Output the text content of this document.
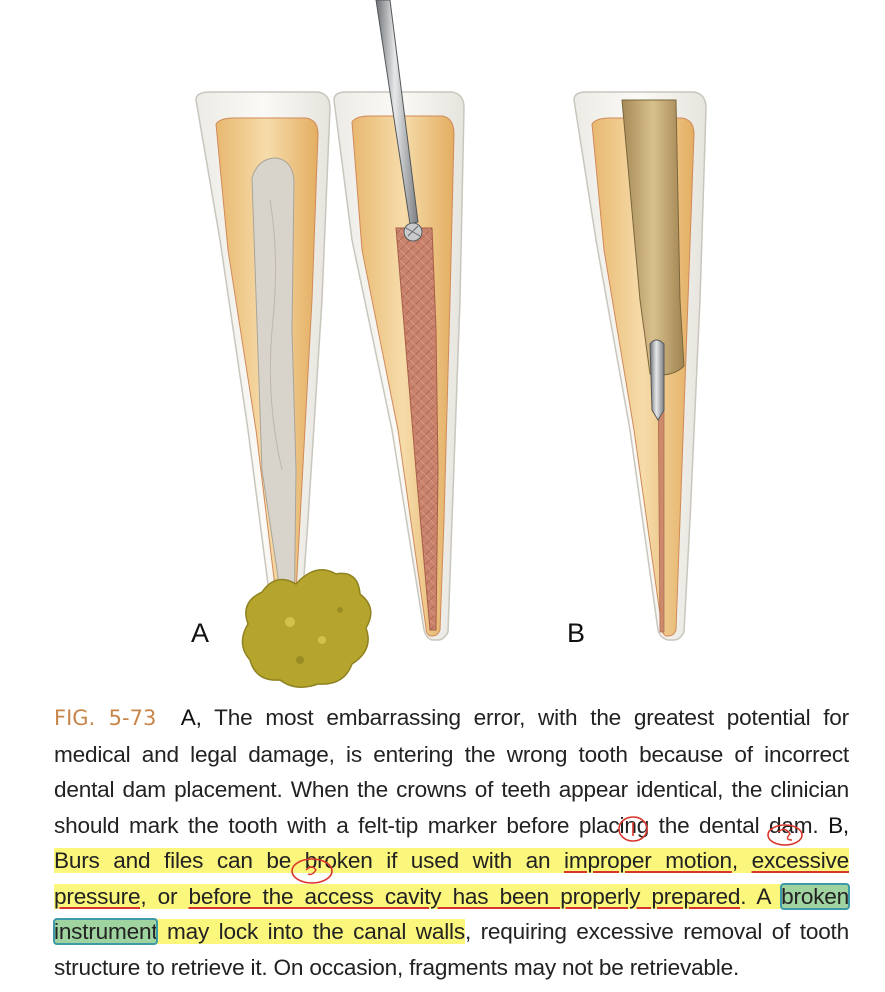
A	B
FIG. 5-73 A, The most embarrassing error, with the greatest potential for medical and legal damage, is entering the wrong tooth because of incorrect dental dam placement. When the crowns of teeth appear identical, the clinician should mark the tooth with a felt-tip marker before placing the dental dam. B, Burs and files can be broken if used with an improper motion, excessive pressure, or before the access cavity has been properly prepared. A broken instrument may lock into the canal walls, requiring excessive removal of tooth structure to retrieve it. On occasion, fragments may not be retrievable.
